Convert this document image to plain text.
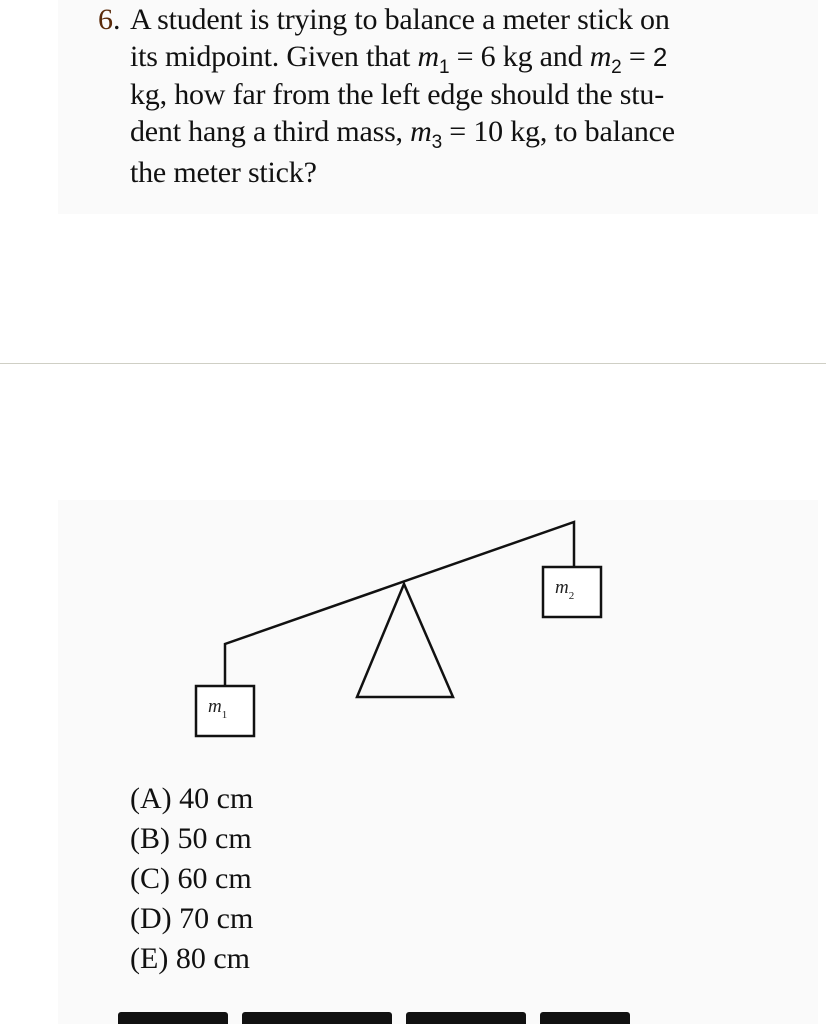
6. A student is trying to balance a meter stick on
its midpoint. Given that $m_1 = 6$ kg and $m_2 = 2$
kg, how far from the left edge should the stu-
dent hang a third mass, $m_3 = 10$ kg, to balance
the meter stick?
$m_1$
$m_2$
(A) 40 cm
(B) 50 cm
(C) 60 cm
(D) 70 cm
(E) 80 cm
